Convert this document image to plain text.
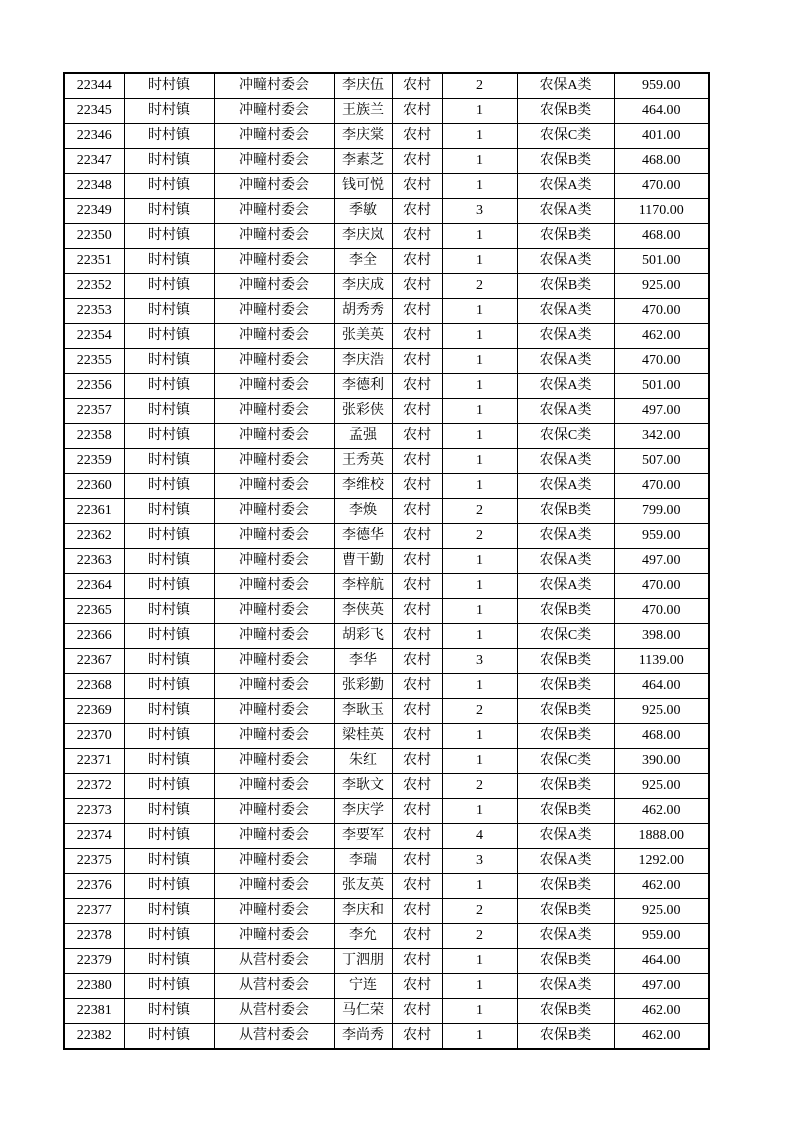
22344	时村镇	冲疃村委会	李庆伍	农村	2	农保A类	959.00
22345	时村镇	冲疃村委会	王族兰	农村	1	农保B类	464.00
22346	时村镇	冲疃村委会	李庆棠	农村	1	农保C类	401.00
22347	时村镇	冲疃村委会	李素芝	农村	1	农保B类	468.00
22348	时村镇	冲疃村委会	钱可悦	农村	1	农保A类	470.00
22349	时村镇	冲疃村委会	季敏	农村	3	农保A类	1170.00
22350	时村镇	冲疃村委会	李庆岚	农村	1	农保B类	468.00
22351	时村镇	冲疃村委会	李全	农村	1	农保A类	501.00
22352	时村镇	冲疃村委会	李庆成	农村	2	农保B类	925.00
22353	时村镇	冲疃村委会	胡秀秀	农村	1	农保A类	470.00
22354	时村镇	冲疃村委会	张美英	农村	1	农保A类	462.00
22355	时村镇	冲疃村委会	李庆浩	农村	1	农保A类	470.00
22356	时村镇	冲疃村委会	李德利	农村	1	农保A类	501.00
22357	时村镇	冲疃村委会	张彩侠	农村	1	农保A类	497.00
22358	时村镇	冲疃村委会	孟强	农村	1	农保C类	342.00
22359	时村镇	冲疃村委会	王秀英	农村	1	农保A类	507.00
22360	时村镇	冲疃村委会	李维校	农村	1	农保A类	470.00
22361	时村镇	冲疃村委会	李焕	农村	2	农保B类	799.00
22362	时村镇	冲疃村委会	李德华	农村	2	农保A类	959.00
22363	时村镇	冲疃村委会	曹干勤	农村	1	农保A类	497.00
22364	时村镇	冲疃村委会	李梓航	农村	1	农保A类	470.00
22365	时村镇	冲疃村委会	李侠英	农村	1	农保B类	470.00
22366	时村镇	冲疃村委会	胡彩飞	农村	1	农保C类	398.00
22367	时村镇	冲疃村委会	李华	农村	3	农保B类	1139.00
22368	时村镇	冲疃村委会	张彩勤	农村	1	农保B类	464.00
22369	时村镇	冲疃村委会	李耿玉	农村	2	农保B类	925.00
22370	时村镇	冲疃村委会	梁桂英	农村	1	农保B类	468.00
22371	时村镇	冲疃村委会	朱红	农村	1	农保C类	390.00
22372	时村镇	冲疃村委会	李耿文	农村	2	农保B类	925.00
22373	时村镇	冲疃村委会	李庆学	农村	1	农保B类	462.00
22374	时村镇	冲疃村委会	李要军	农村	4	农保A类	1888.00
22375	时村镇	冲疃村委会	李瑞	农村	3	农保A类	1292.00
22376	时村镇	冲疃村委会	张友英	农村	1	农保B类	462.00
22377	时村镇	冲疃村委会	李庆和	农村	2	农保B类	925.00
22378	时村镇	冲疃村委会	李允	农村	2	农保A类	959.00
22379	时村镇	从营村委会	丁泗朋	农村	1	农保B类	464.00
22380	时村镇	从营村委会	宁连	农村	1	农保A类	497.00
22381	时村镇	从营村委会	马仁荣	农村	1	农保B类	462.00
22382	时村镇	从营村委会	李尚秀	农村	1	农保B类	462.00
